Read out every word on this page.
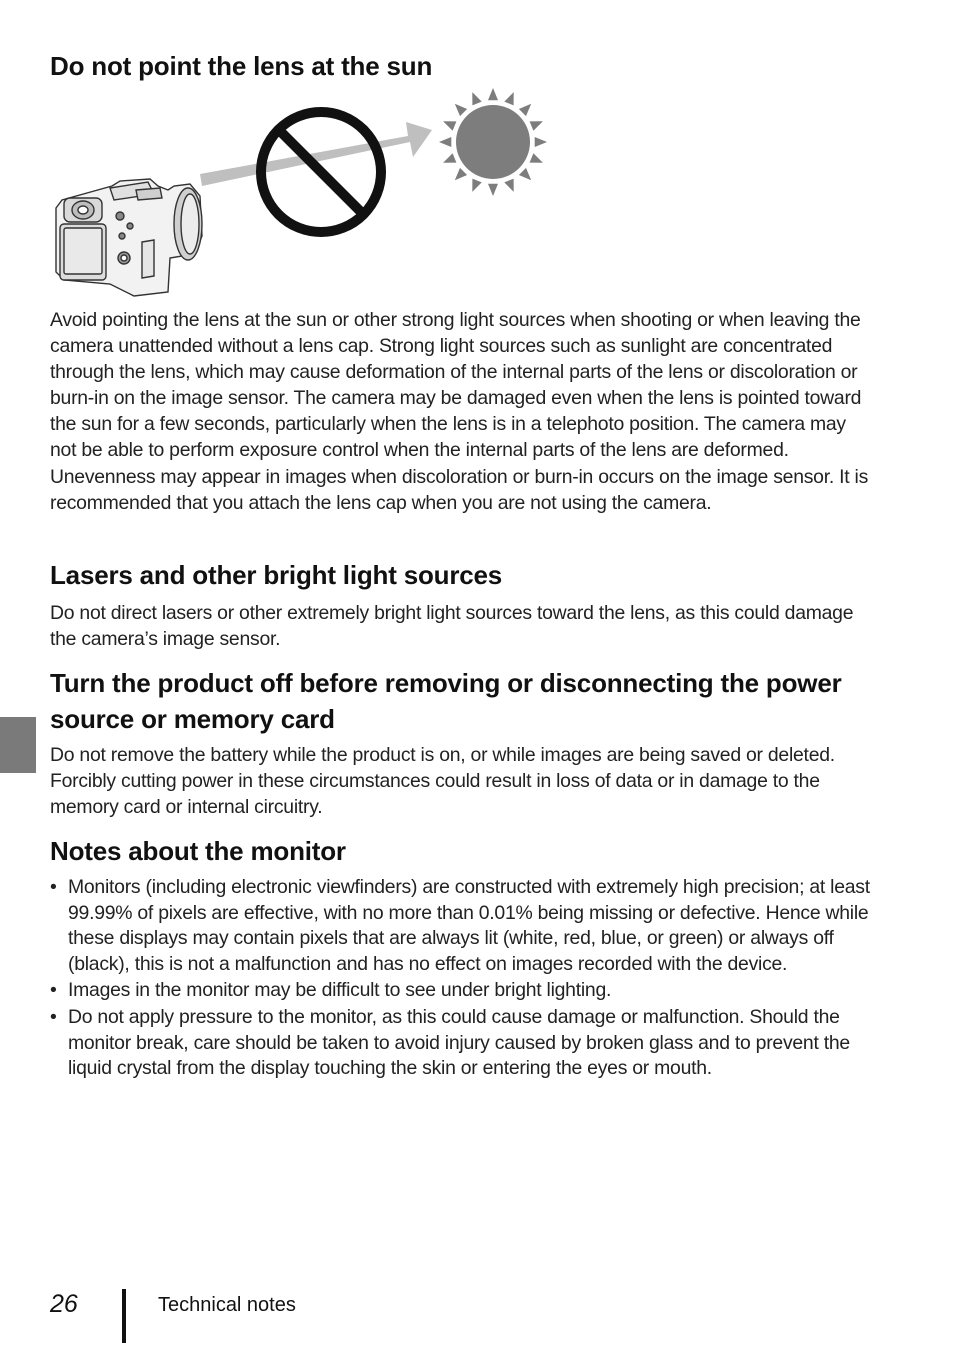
Do not point the lens at the sun

Avoid pointing the lens at the sun or other strong light sources when shooting or when leaving the camera unattended without a lens cap. Strong light sources such as sunlight are concentrated through the lens, which may cause deformation of the internal parts of the lens or discoloration or burn-in on the image sensor. The camera may be damaged even when the lens is pointed toward the sun for a few seconds, particularly when the lens is in a telephoto position. The camera may not be able to perform exposure control when the internal parts of the lens are deformed.

Unevenness may appear in images when discoloration or burn-in occurs on the image sensor. It is recommended that you attach the lens cap when you are not using the camera.

Lasers and other bright light sources

Do not direct lasers or other extremely bright light sources toward the lens, as this could damage the camera’s image sensor.

Turn the product off before removing or disconnecting the power source or memory card

Do not remove the battery while the product is on, or while images are being saved or deleted. Forcibly cutting power in these circumstances could result in loss of data or in damage to the memory card or internal circuitry.

Notes about the monitor
• Monitors (including electronic viewfinders) are constructed with extremely high precision; at least 99.99% of pixels are effective, with no more than 0.01% being missing or defective. Hence while these displays may contain pixels that are always lit (white, red, blue, or green) or always off (black), this is not a malfunction and has no effect on images recorded with the device.
• Images in the monitor may be difficult to see under bright lighting.
• Do not apply pressure to the monitor, as this could cause damage or malfunction. Should the monitor break, care should be taken to avoid injury caused by broken glass and to prevent the liquid crystal from the display touching the skin or entering the eyes or mouth.
26	Technical notes
